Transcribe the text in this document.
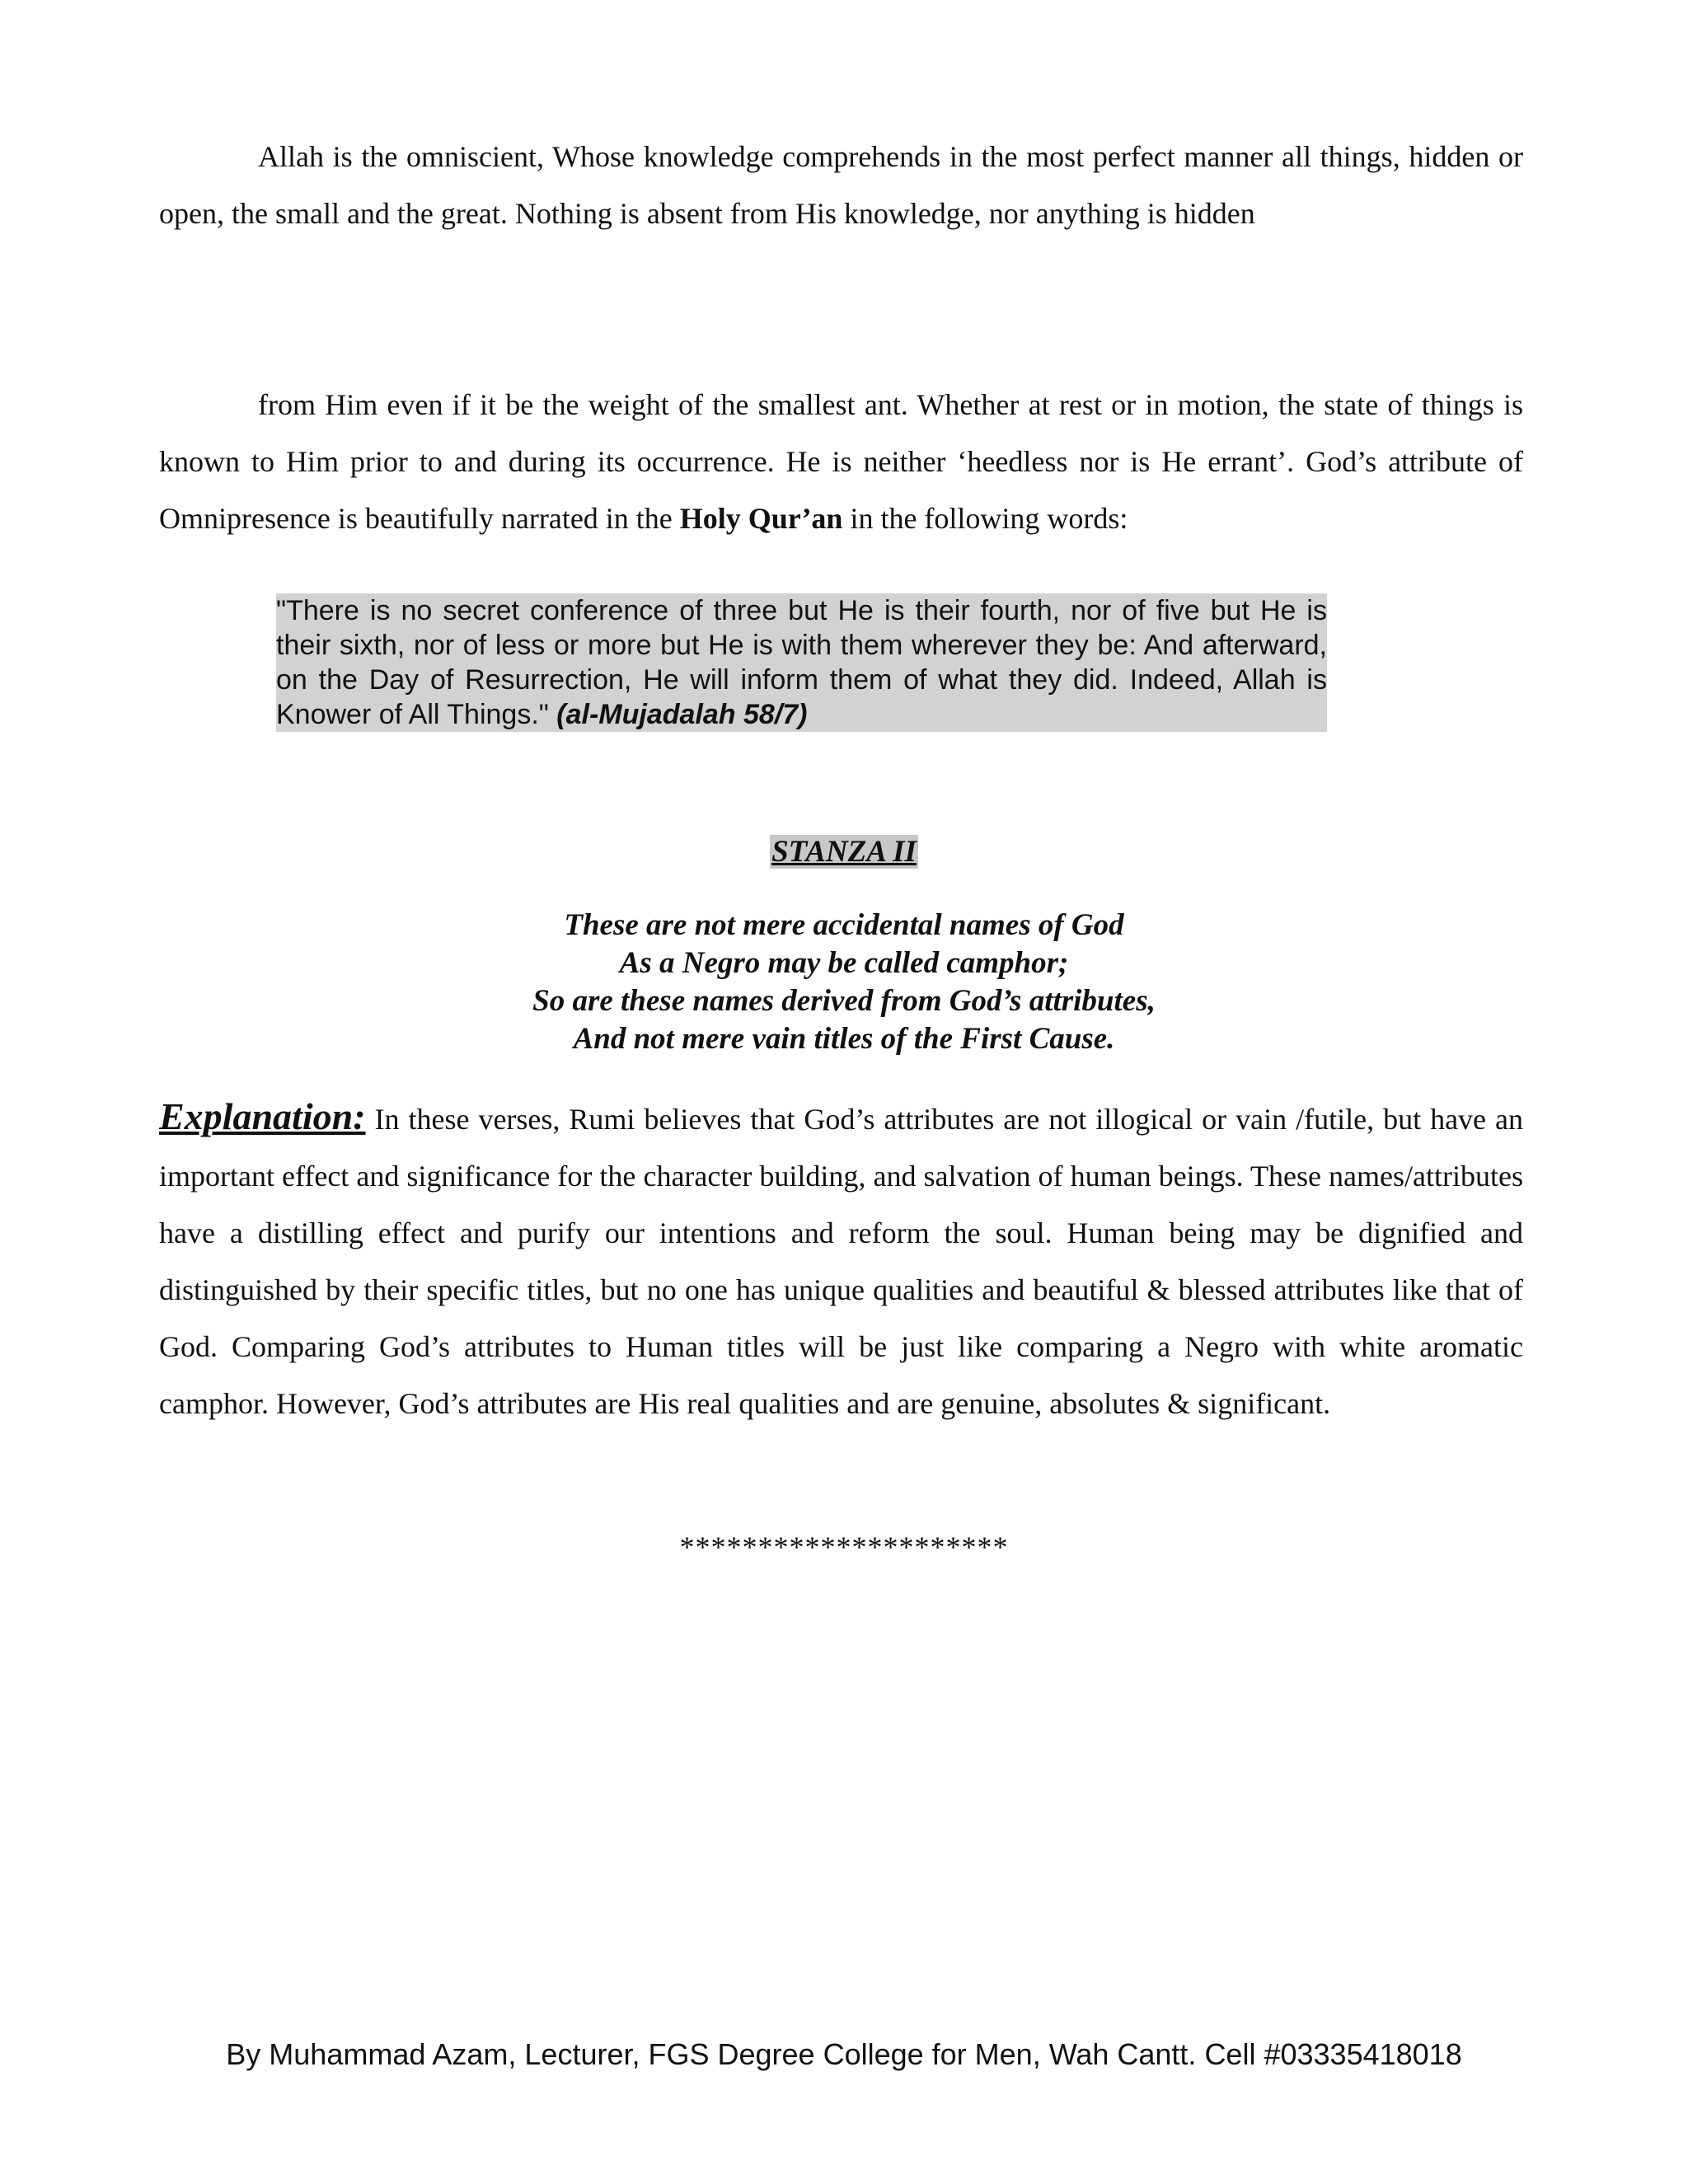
Allah is the omniscient, Whose knowledge comprehends in the most perfect manner all things, hidden or open, the small and the great. Nothing is absent from His knowledge, nor anything is hidden

from Him even if it be the weight of the smallest ant. Whether at rest or in motion, the state of things is known to Him prior to and during its occurrence. He is neither ‘heedless nor is He errant’. God’s attribute of Omnipresence is beautifully narrated in the Holy Qur’an in the following words:

"There is no secret conference of three but He is their fourth, nor of five but He is their sixth, nor of less or more but He is with them wherever they be: And afterward, on the Day of Resurrection, He will inform them of what they did. Indeed, Allah is Knower of All Things." (al-Mujadalah 58/7)

STANZA II
These are not mere accidental names of God
As a Negro may be called camphor;
So are these names derived from God’s attributes,
And not mere vain titles of the First Cause.

Explanation: In these verses, Rumi believes that God’s attributes are not illogical or vain /futile, but have an important effect and significance for the character building, and salvation of human beings. These names/attributes have a distilling effect and purify our intentions and reform the soul. Human being may be dignified and distinguished by their specific titles, but no one has unique qualities and beautiful & blessed attributes like that of God. Comparing God’s attributes to Human titles will be just like comparing a Negro with white aromatic camphor. However, God’s attributes are His real qualities and are genuine, absolutes & significant.

*********************

By Muhammad Azam, Lecturer, FGS Degree College for Men, Wah Cantt. Cell #03335418018
